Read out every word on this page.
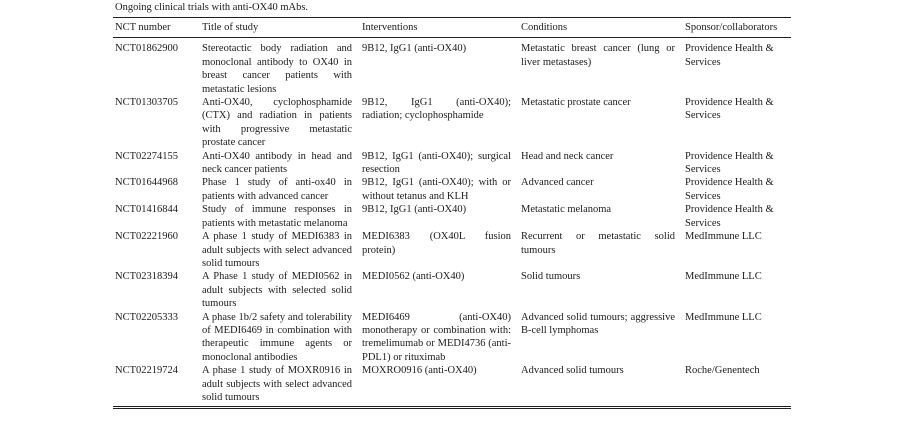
Ongoing clinical trials with anti-OX40 mAbs.

NCT number	Title of study	Interventions	Conditions	Sponsor/collaborators
NCT01862900	Stereotactic body radiation and monoclonal antibody to OX40 in breast cancer patients with metastatic lesions	9B12, IgG1 (anti-OX40)	Metastatic breast cancer (lung or liver metastases)	Providence Health & Services
NCT01303705	Anti-OX40, cyclophosphamide (CTX) and radiation in patients with progressive metastatic prostate cancer	9B12, IgG1 (anti-OX40); radiation; cyclophosphamide	Metastatic prostate cancer	Providence Health & Services
NCT02274155	Anti-OX40 antibody in head and neck cancer patients	9B12, IgG1 (anti-OX40); surgical resection	Head and neck cancer	Providence Health & Services
NCT01644968	Phase 1 study of anti-ox40 in patients with advanced cancer	9B12, IgG1 (anti-OX40); with or without tetanus and KLH	Advanced cancer	Providence Health & Services
NCT01416844	Study of immune responses in patients with metastatic melanoma	9B12, IgG1 (anti-OX40)	Metastatic melanoma	Providence Health & Services
NCT02221960	A phase 1 study of MEDI6383 in adult subjects with select advanced solid tumours	MEDI6383 (OX40L fusion protein)	Recurrent or metastatic solid tumours	MedImmune LLC
NCT02318394	A Phase 1 study of MEDI0562 in adult subjects with selected solid tumours	MEDI0562 (anti-OX40)	Solid tumours	MedImmune LLC
NCT02205333	A phase 1b/2 safety and tolerability of MEDI6469 in combination with therapeutic immune agents or monoclonal antibodies	MEDI6469 (anti-OX40) monotherapy or combination with: tremelimumab or MEDI4736 (anti-PDL1) or rituximab	Advanced solid tumours; aggressive B-cell lymphomas	MedImmune LLC
NCT02219724	A phase 1 study of MOXR0916 in adult subjects with select advanced solid tumours	MOXRO0916 (anti-OX40)	Advanced solid tumours	Roche/Genentech
